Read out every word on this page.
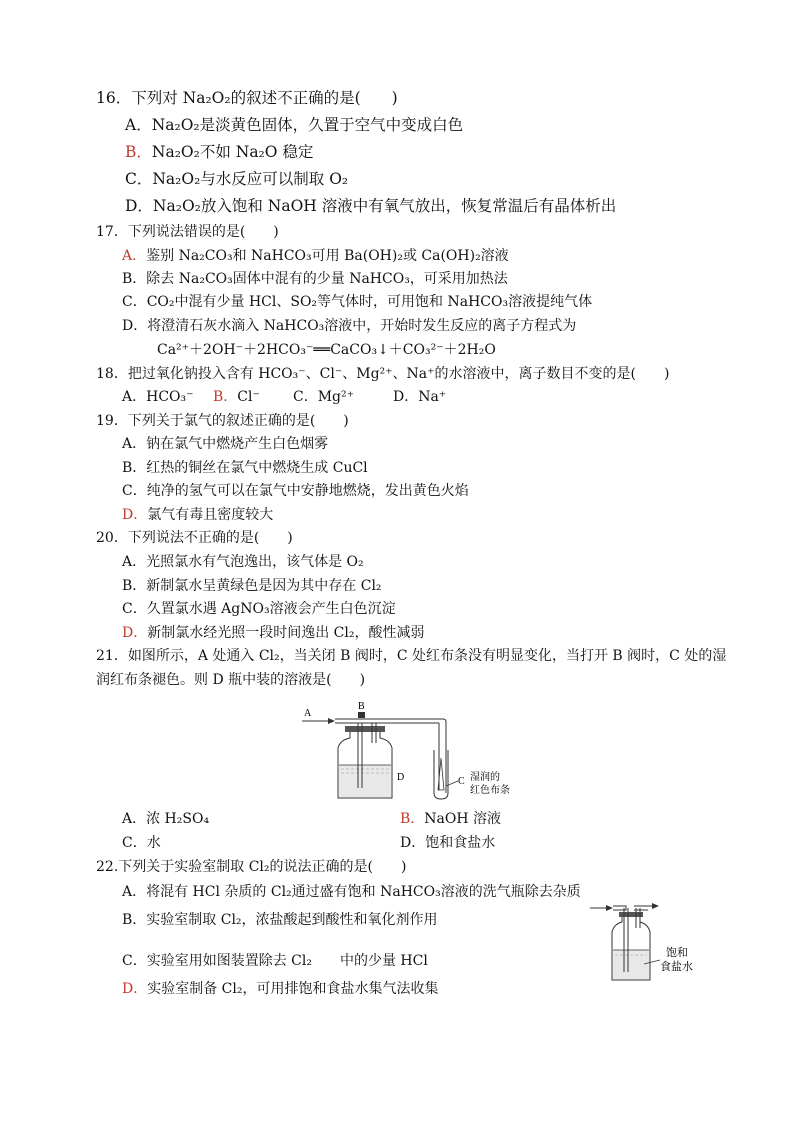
16．下列对 Na₂O₂的叙述不正确的是(　　)
A．Na₂O₂是淡黄色固体，久置于空气中变成白色
B．Na₂O₂不如 Na₂O 稳定
C．Na₂O₂与水反应可以制取 O₂
D．Na₂O₂放入饱和 NaOH 溶液中有氧气放出，恢复常温后有晶体析出
17．下列说法错误的是(　　)
A．鉴别 Na₂CO₃和 NaHCO₃可用 Ba(OH)₂或 Ca(OH)₂溶液
B．除去 Na₂CO₃固体中混有的少量 NaHCO₃，可采用加热法
C．CO₂中混有少量 HCl、SO₂等气体时，可用饱和 NaHCO₃溶液提纯气体
D．将澄清石灰水滴入 NaHCO₃溶液中，开始时发生反应的离子方程式为
Ca²⁺＋2OH⁻＋2HCO₃⁻══CaCO₃↓＋CO₃²⁻＋2H₂O
18．把过氧化钠投入含有 HCO₃⁻、Cl⁻、Mg²⁺、Na⁺的水溶液中，离子数目不变的是(　　)
A．HCO₃⁻ B．Cl⁻ C．Mg²⁺	D．Na⁺
19．下列关于氯气的叙述正确的是(　　)
A．钠在氯气中燃烧产生白色烟雾
B．红热的铜丝在氯气中燃烧生成 CuCl
C．纯净的氢气可以在氯气中安静地燃烧，发出黄色火焰
D．氯气有毒且密度较大
20．下列说法不正确的是(　　)
A．光照氯水有气泡逸出，该气体是 O₂
B．新制氯水呈黄绿色是因为其中存在 Cl₂
C．久置氯水遇 AgNO₃溶液会产生白色沉淀
D．新制氯水经光照一段时间逸出 Cl₂，酸性减弱
21．如图所示，A 处通入 Cl₂，当关闭 B 阀时，C 处红布条没有明显变化，当打开 B 阀时，C 处的湿
润红布条褪色。则 D 瓶中装的溶液是(　　)
A
B
D	C 湿润的
红色布条
A．浓 H₂SO₄	B．NaOH 溶液
C．水	D．饱和食盐水
22.下列关于实验室制取 Cl₂的说法正确的是(　　)
A．将混有 HCl 杂质的 Cl₂通过盛有饱和 NaHCO₃溶液的洗气瓶除去杂质
B．实验室制取 Cl₂，浓盐酸起到酸性和氧化剂作用
C．实验室用如图装置除去 Cl₂　　中的少量 HCl
D．实验室制备 Cl₂，可用排饱和食盐水集气法收集
饱和
食盐水
